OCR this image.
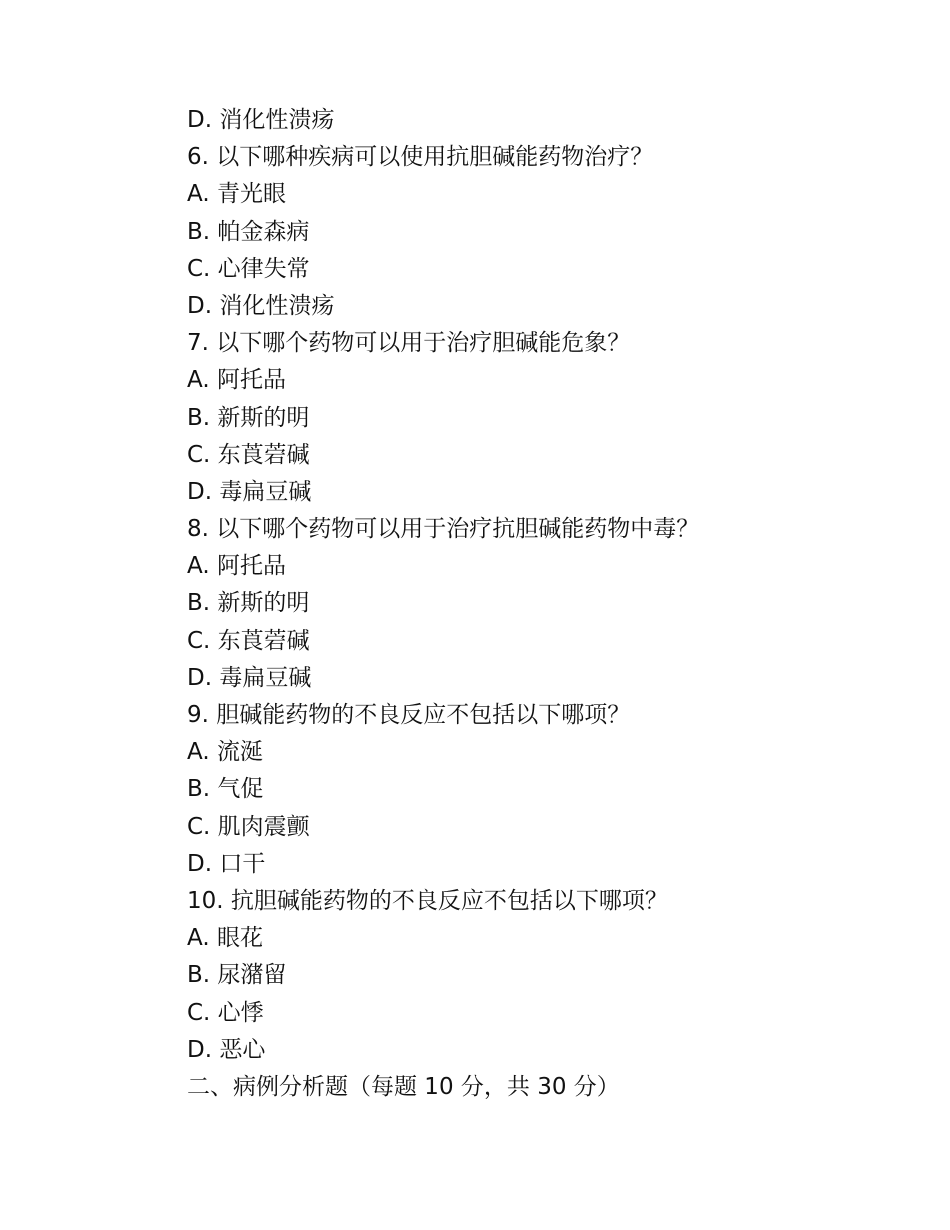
D. 消化性溃疡

6. 以下哪种疾病可以使用抗胆碱能药物治疗？

A. 青光眼

B. 帕金森病

C. 心律失常

D. 消化性溃疡

7. 以下哪个药物可以用于治疗胆碱能危象？

A. 阿托品

B. 新斯的明

C. 东莨菪碱

D. 毒扁豆碱

8. 以下哪个药物可以用于治疗抗胆碱能药物中毒？

A. 阿托品

B. 新斯的明

C. 东莨菪碱

D. 毒扁豆碱

9. 胆碱能药物的不良反应不包括以下哪项？

A. 流涎

B. 气促

C. 肌肉震颤

D. 口干

10. 抗胆碱能药物的不良反应不包括以下哪项？

A. 眼花

B. 尿潴留

C. 心悸

D. 恶心

二、病例分析题（每题 10 分，共 30 分）
